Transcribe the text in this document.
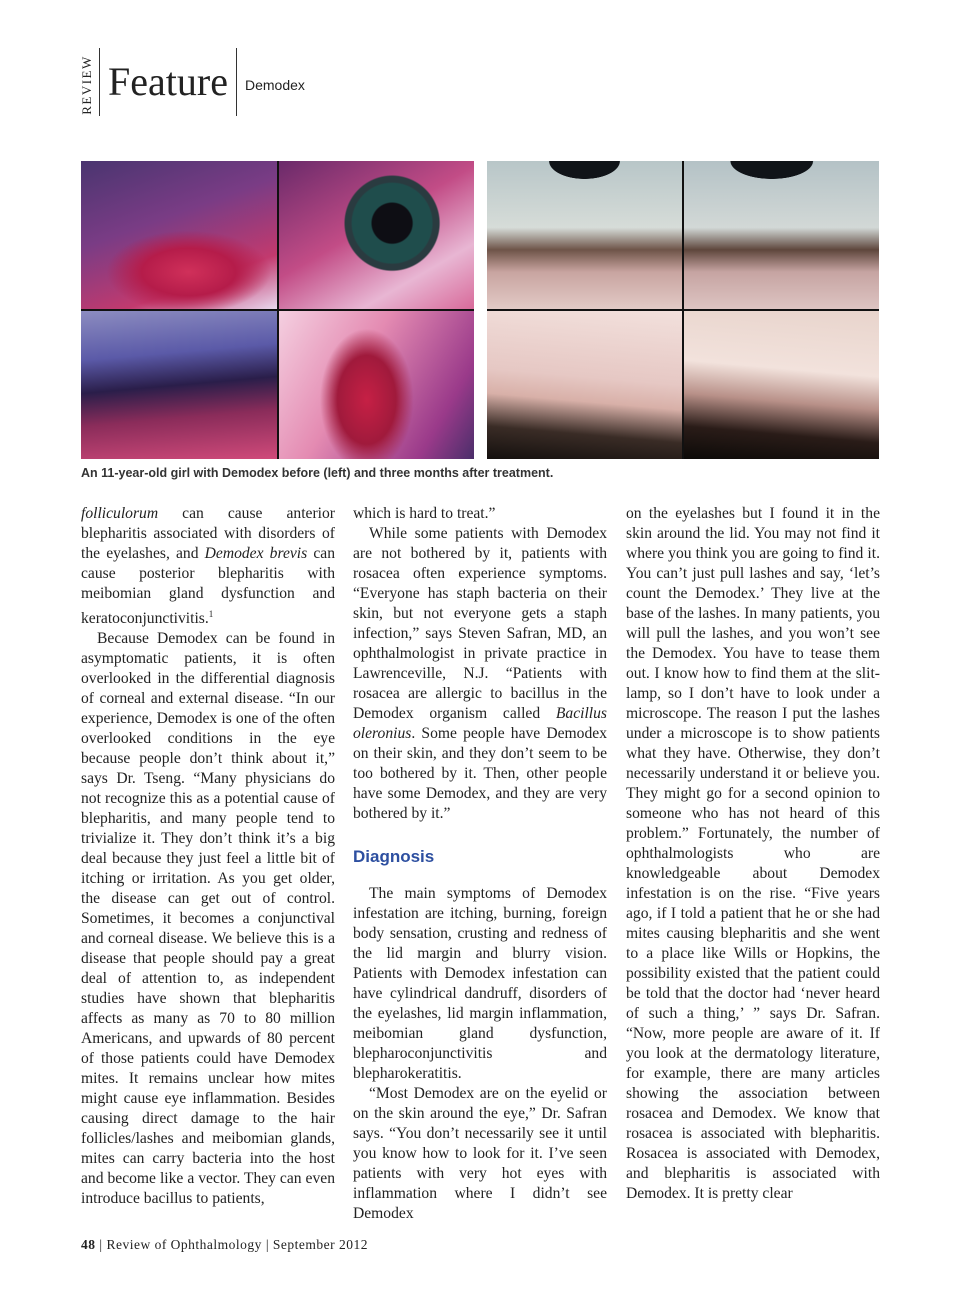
REVIEW Feature Demodex
An 11-year-old girl with Demodex before (left) and three months after treatment.

folliculorum can cause anterior blepharitis associated with disorders of the eyelashes, and Demodex brevis can cause posterior blepharitis with meibomian gland dysfunction and keratoconjunctivitis.$^1$

Because Demodex can be found in asymptomatic patients, it is often overlooked in the differential diagnosis of corneal and external disease. “In our experience, Demodex is one of the often overlooked conditions in the eye because people don’t think about it,” says Dr. Tseng. “Many physicians do not recognize this as a potential cause of blepharitis, and many people tend to trivialize it. They don’t think it’s a big deal because they just feel a little bit of itching or irritation. As you get older, the disease can get out of control. Sometimes, it becomes a conjunctival and corneal disease. We believe this is a disease that people should pay a great deal of attention to, as independent studies have shown that blepharitis affects as many as 70 to 80 million Americans, and upwards of 80 percent of those patients could have Demodex mites. It remains unclear how mites might cause eye inflammation. Besides causing direct damage to the hair follicles/lashes and meibomian glands, mites can carry bacteria into the host and become like a vector. They can even introduce bacillus to patients,

which is hard to treat.”

While some patients with Demodex are not bothered by it, patients with rosacea often experience symptoms. “Everyone has staph bacteria on their skin, but not everyone gets a staph infection,” says Steven Safran, MD, an ophthalmologist in private practice in Lawrenceville, N.J. “Patients with rosacea are allergic to bacillus in the Demodex organism called Bacillus oleronius. Some people have Demodex on their skin, and they don’t seem to be too bothered by it. Then, other people have some Demodex, and they are very bothered by it.”

Diagnosis

The main symptoms of Demodex infestation are itching, burning, foreign body sensation, crusting and redness of the lid margin and blurry vision. Patients with Demodex infestation can have cylindrical dandruff, disorders of the eyelashes, lid margin inflammation, meibomian gland dysfunction, blepharoconjunctivitis and blepharokeratitis.

“Most Demodex are on the eyelid or on the skin around the eye,” Dr. Safran says. “You don’t necessarily see it until you know how to look for it. I’ve seen patients with very hot eyes with inflammation where I didn’t see Demodex

on the eyelashes but I found it in the skin around the lid. You may not find it where you think you are going to find it. You can’t just pull lashes and say, ‘let’s count the Demodex.’ They live at the base of the lashes. In many patients, you will pull the lashes, and you won’t see the Demodex. You have to tease them out. I know how to find them at the slit-lamp, so I don’t have to look under a microscope. The reason I put the lashes under a microscope is to show patients what they have. Otherwise, they don’t necessarily understand it or believe you. They might go for a second opinion to someone who has not heard of this problem.” Fortunately, the number of ophthalmologists who are knowledgeable about Demodex infestation is on the rise. “Five years ago, if I told a patient that he or she had mites causing blepharitis and she went to a place like Wills or Hopkins, the possibility existed that the patient could be told that the doctor had ‘never heard of such a thing,’ ” says Dr. Safran. “Now, more people are aware of it. If you look at the dermatology literature, for example, there are many articles showing the association between rosacea and Demodex. We know that rosacea is associated with blepharitis. Rosacea is associated with Demodex, and blepharitis is associated with Demodex. It is pretty clear

48 | Review of Ophthalmology | September 2012
